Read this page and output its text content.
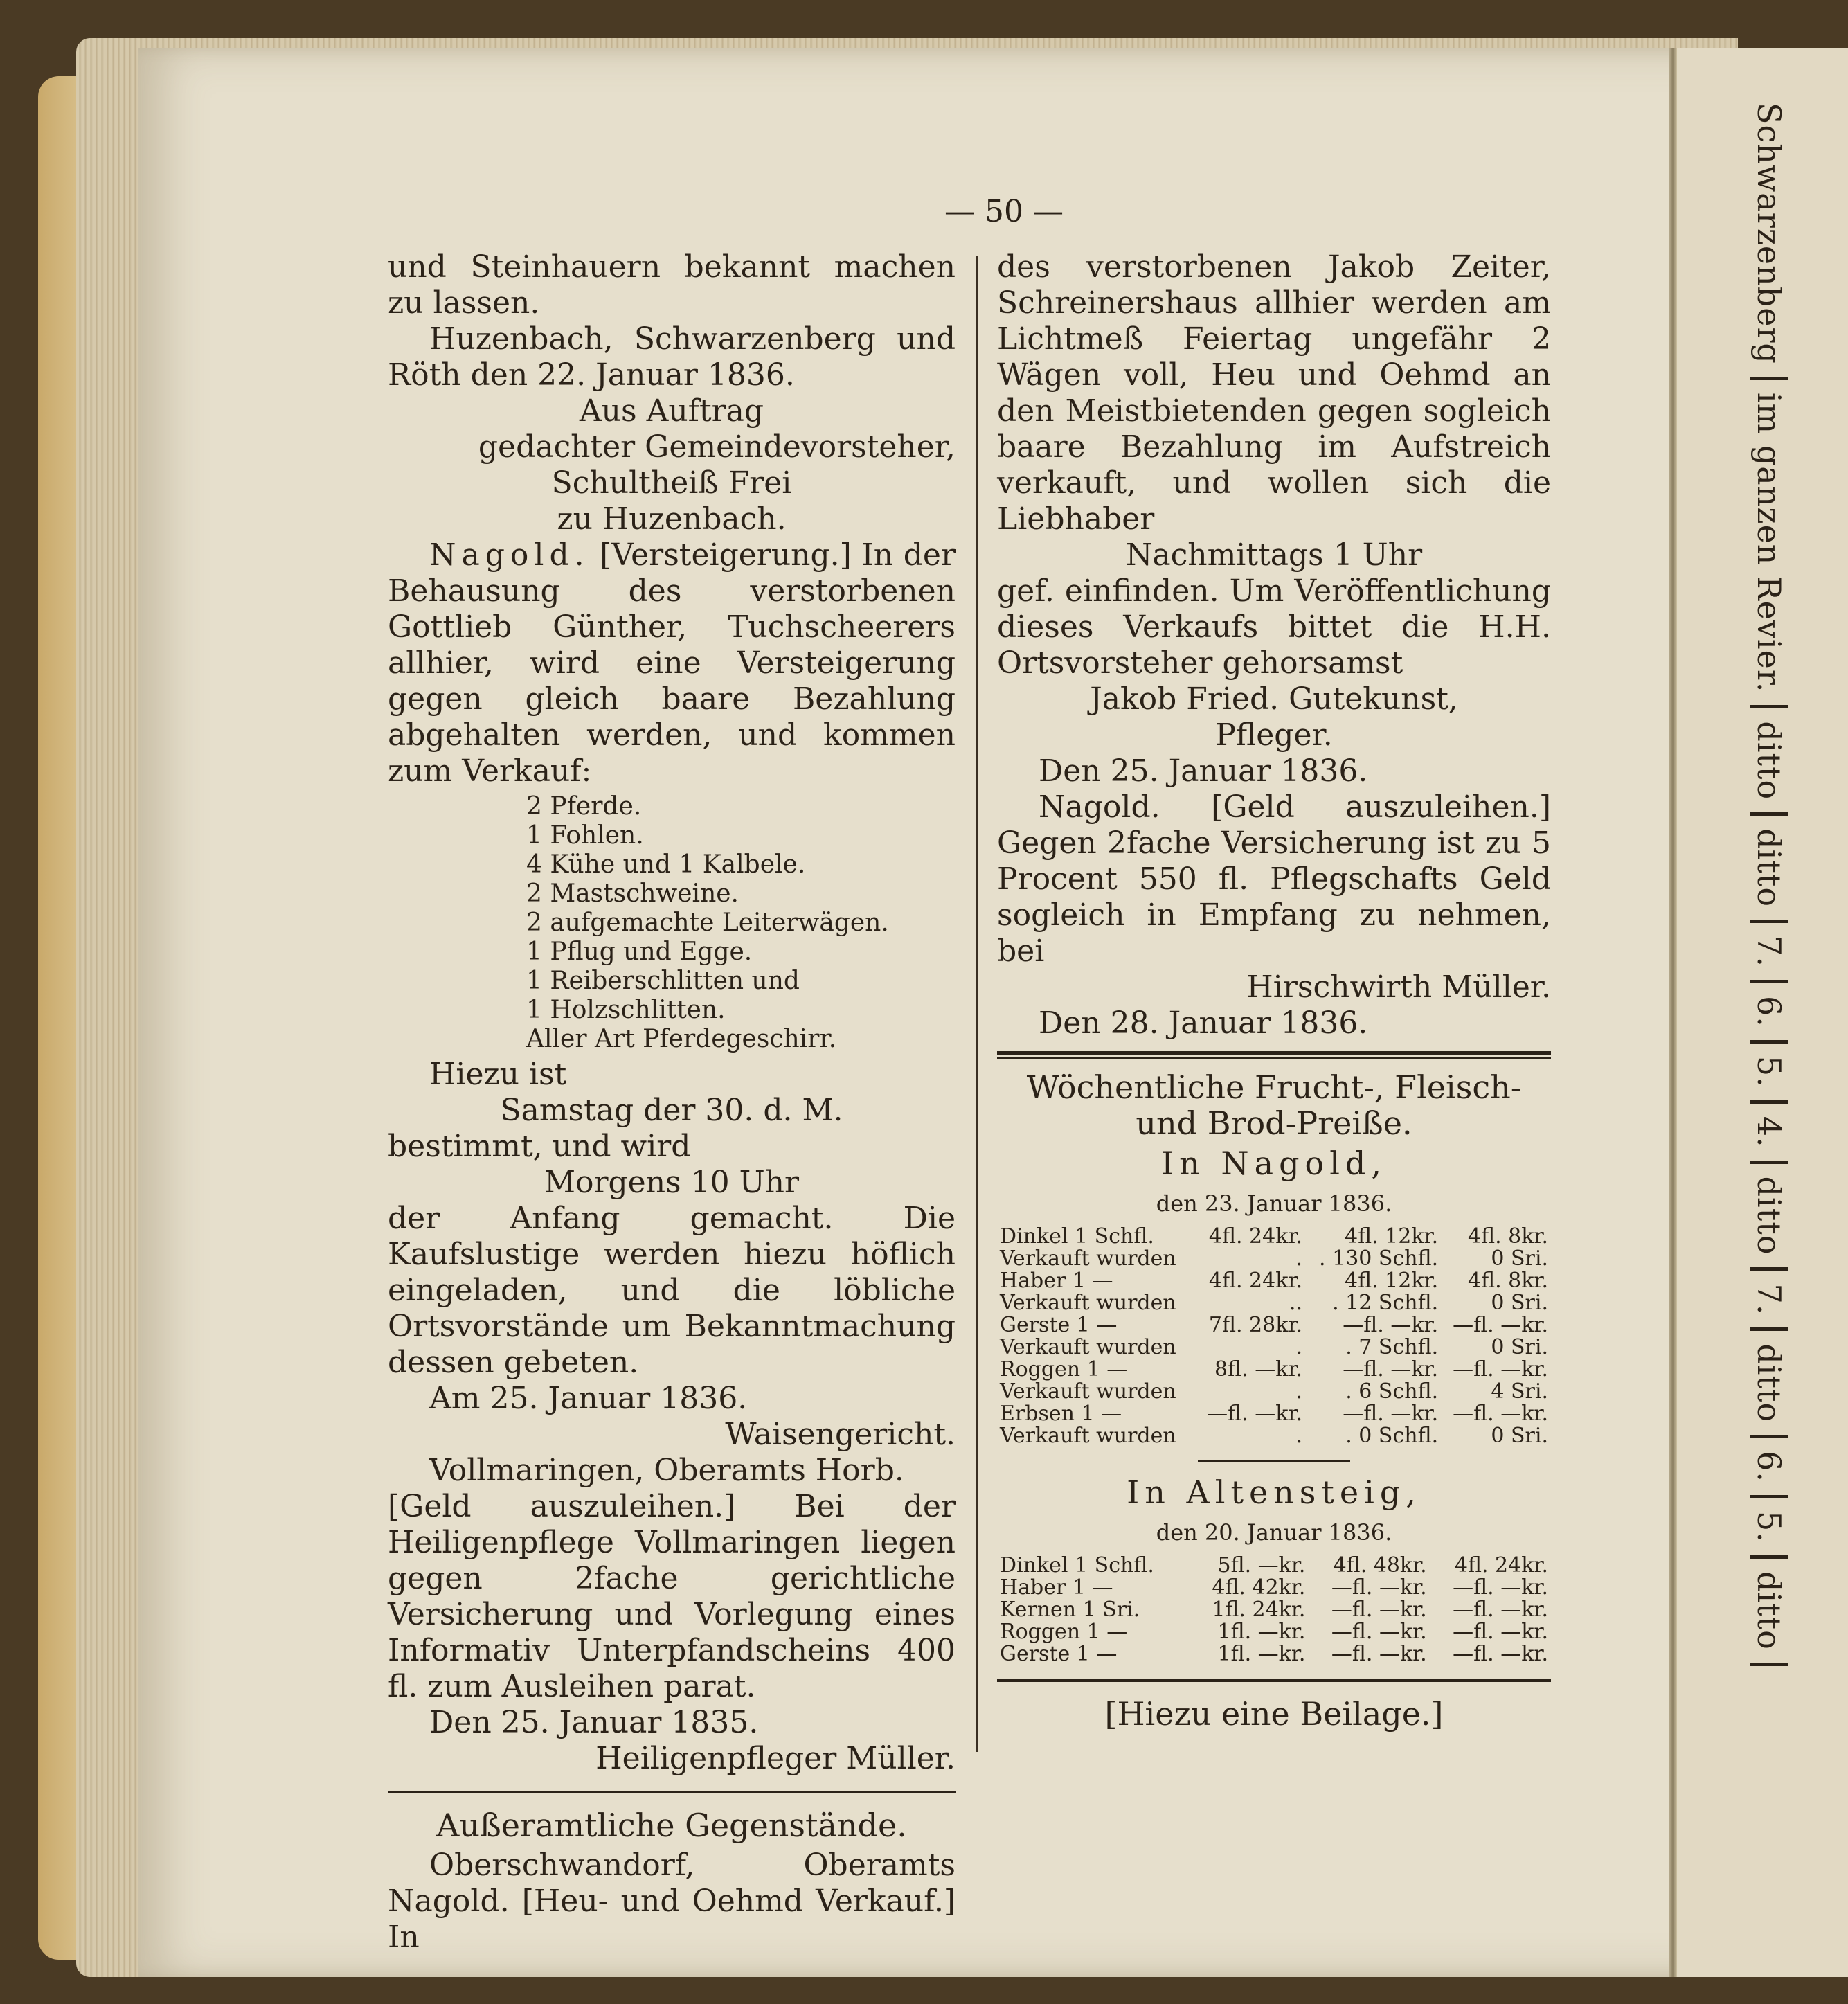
Schwarzenbergim ganzen Revier.dittoditto7.6.5.4.ditto7.ditto6.5.ditto
— 50 —

und Steinhauern bekannt machen zu lassen.

Huzenbach, Schwarzenberg und Röth den 22. Januar 1836.

Aus Auftrag

gedachter Gemeindevorsteher,

Schultheiß Frei

zu Huzenbach.

Nagold. [Versteigerung.] In der Behausung des verstorbenen Gottlieb Günther, Tuchscheerers allhier, wird eine Versteigerung gegen gleich baare Bezahlung abgehalten werden, und kommen zum Verkauf:

2 Pferde.
1 Fohlen.
4 Kühe und 1 Kalbele.
2 Mastschweine.
2 aufgemachte Leiterwägen.
1 Pflug und Egge.
1 Reiberschlitten und
1 Holzschlitten.
Aller Art Pferdegeschirr.

Hiezu ist

Samstag der 30. d. M.

bestimmt, und wird

Morgens 10 Uhr

der Anfang gemacht. Die Kaufslustige werden hiezu höflich eingeladen, und die löbliche Ortsvorstände um Bekanntmachung dessen gebeten.

Am 25. Januar 1836.

Waisengericht.

Vollmaringen, Oberamts Horb.

[Geld auszuleihen.] Bei der Heiligenpflege Vollmaringen liegen gegen 2fache gerichtliche Versicherung und Vorlegung eines Informativ Unterpfandscheins 400 fl. zum Ausleihen parat.

Den 25. Januar 1835.

Heiligenpfleger Müller.

Außeramtliche Gegenstände.

Oberschwandorf, Oberamts Nagold. [Heu- und Oehmd Verkauf.] In

des verstorbenen Jakob Zeiter, Schreinershaus allhier werden am Lichtmeß Feiertag ungefähr 2 Wägen voll, Heu und Oehmd an den Meistbietenden gegen sogleich baare Bezahlung im Aufstreich verkauft, und wollen sich die Liebhaber

Nachmittags 1 Uhr

gef. einfinden. Um Veröffentlichung dieses Verkaufs bittet die H.H. Ortsvorsteher gehorsamst

Jakob Fried. Gutekunst,

Pfleger.

Den 25. Januar 1836.

Nagold. [Geld auszuleihen.] Gegen 2fache Versicherung ist zu 5 Procent 550 fl. Pflegschafts Geld sogleich in Empfang zu nehmen, bei

Hirschwirth Müller.

Den 28. Januar 1836.

Wöchentliche Frucht-, Fleisch- und Brod-Preiße.
In Nagold,
den 23. Januar 1836.
Dinkel 1 Schfl.	4fl. 24kr.	4fl. 12kr.	4fl. 8kr.
Verkauft wurden	.	. 130 Schfl.	0 Sri.
Haber 1 —	4fl. 24kr.	4fl. 12kr.	4fl. 8kr.
Verkauft wurden	..	. 12 Schfl.	0 Sri.
Gerste 1 —	7fl. 28kr.	—fl. —kr.	—fl. —kr.
Verkauft wurden	.	. 7 Schfl.	0 Sri.
Roggen 1 —	8fl. —kr.	—fl. —kr.	—fl. —kr.
Verkauft wurden	.	. 6 Schfl.	4 Sri.
Erbsen 1 —	—fl. —kr.	—fl. —kr.	—fl. —kr.
Verkauft wurden	.	. 0 Schfl.	0 Sri.
In Altensteig,
den 20. Januar 1836.
Dinkel 1 Schfl.	5fl. —kr.	4fl. 48kr.	4fl. 24kr.
Haber 1 —	4fl. 42kr.	—fl. —kr.	—fl. —kr.
Kernen 1 Sri.	1fl. 24kr.	—fl. —kr.	—fl. —kr.
Roggen 1 —	1fl. —kr.	—fl. —kr.	—fl. —kr.
Gerste 1 —	1fl. —kr.	—fl. —kr.	—fl. —kr.
[Hiezu eine Beilage.]
